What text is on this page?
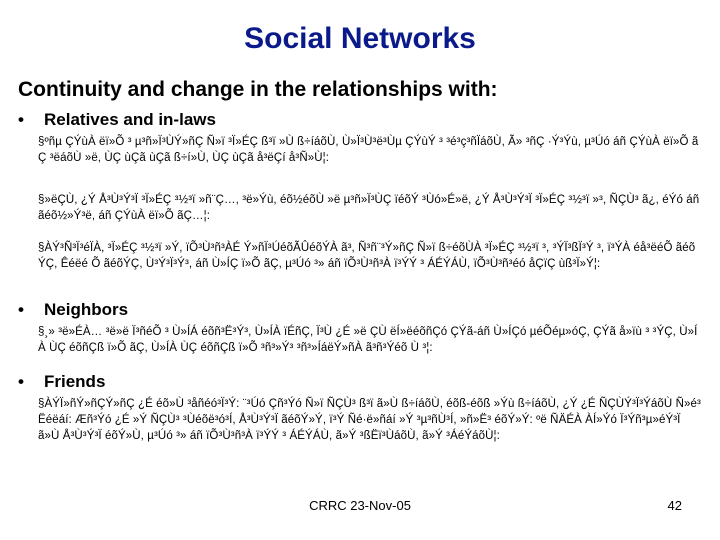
Social Networks
Continuity and change in the relationships with:
•	Relatives and in-laws
§º‎ñµ ÇÝùÀ ëï»Õ ³ µ³ñ»Ï³ÙÝ»ñÇ Ñ»ï ³Ï»ÉÇ ß³ï »Ù ß÷íáõÙ, Ù»Ï³Ù³ë³Ùµ ÇÝùÝ ³ ³é³ç³ñÏáõÙ, Ã» ³ñÇ ·Ý³Ýù, µ³Úó áñ ÇÝùÀ ëï»Õ ãÇ ³ëáõÙ »ë, ÙÇ ùÇã ùÇã ß÷í»Ù, ÙÇ ùÇã å³ëÇí å³Ñ»Ù¦:
§»ëÇÙ, ¿Ý Å³Ù³Ý³Ï ³Ï»ÉÇ ³½³ï »ñ¨Ç…, ³ë»Ýù, éõ½éõÙ »ë µ³ñ»Ï³ÙÇ ïéõÝ ³Ùó»É»ë, ¿Ý Å³Ù³Ý³Ï ³Ï»ÉÇ ³½³ï »³, ÑÇÙ³ ã¿, éÝó áñ ãéõ½»Ý³ë, áñ ÇÝùÀ ëï»Õ ãÇ…¦:
§ÀÝ³Ñ³Ï³éÏÀ, ³Ï»ÉÇ ³½³ï »Ý, ïÕ³Ù³ñ³ÀÉ Ý»ñÏ³ÚéõÃÛéõÝÀ ã³, Ñ³ñ¨³Ý»ñÇ Ñ»ï ß÷éõÙÀ ³Ï»ÉÇ ³½³ï ³, ³ÝÏ³ßÏ³Ý ³, ï³ÝÀ éå³ëéÕ ãéõÝÇ, Êéëé Õ ãéõÝÇ, Ù³Ý³Ï³Ý³, áñ Ù»ÍÇ ï»Õ ãÇ, µ³Úó ³» áñ ïÕ³Ù³ñ³À ï³ÝÝ ³ ÁÉÝÁÙ, ïÕ³Ù³ñ³éó åÇïÇ ùß³Ï»Ý¦:
•	Neighbors
§¸» ³ë»ÉÀ… ³ë»ë Ï³ñéÕ ³ Ù»ÍÁ éõñ³Ë³Ý³, Ù»ÍÀ ïÉñÇ, Ï³Ù ¿É »ë ÇÙ ëÍ»ëéõñÇó ÇÝã-áñ Ù»ÍÇó µéÕéµ»óÇ, ÇÝã å»ïù ³ ³ÝÇ, Ù»ÍÀ ÙÇ éõñÇß ï»Õ ãÇ, Ù»ÍÀ ÙÇ éõñÇß ï»Õ ³ñ³»Ý³ ³ñ³»ÍáëÝ»ñÀ ã³ñ³Ýéõ Ù ³¦:
•	Friends
§ÀÝÏ»ñÝ»ñÇÝ»ñÇ ¿É éõ»Ù ³åñéó³Ï³Ý: ¨³Úó Çñ³Ýó Ñ»ï ÑÇÙ³ ß³ï ã»Ù ß÷íáõÙ, éõß-éõß »Ýù ß÷íáõÙ, ¿Ý ¿É ÑÇÙÝ³Ï³ÝáõÙ Ñ»é³Ëéëáí: Æñ³Ýó ¿É »Ý ÑÇÙ³ ³Ùéõë³ó³Í, Å³Ù³Ý³Ï ãéõÝ»Ý, ï³Ý Ñé·ë»ñáí »Ý ³µ³ñÙ³Í, »ñ»Ë³ éõÝ»Ý: ºë ÑÄÉÀ ÀÍ»Ýó Ï³Ýñ³µ»éÝ³Ï ã»Ù Å³Ù³Ý³Ï éõÝ»Ù, µ³Úó ³» áñ ïÕ³Ù³ñ³À ï³ÝÝ ³ ÁÉÝÁÙ, ã»Ý ³ßËï³ÙáõÙ, ã»Ý ³ÁéÝáõÙ¦:
CRRC 23-Nov-05	42
